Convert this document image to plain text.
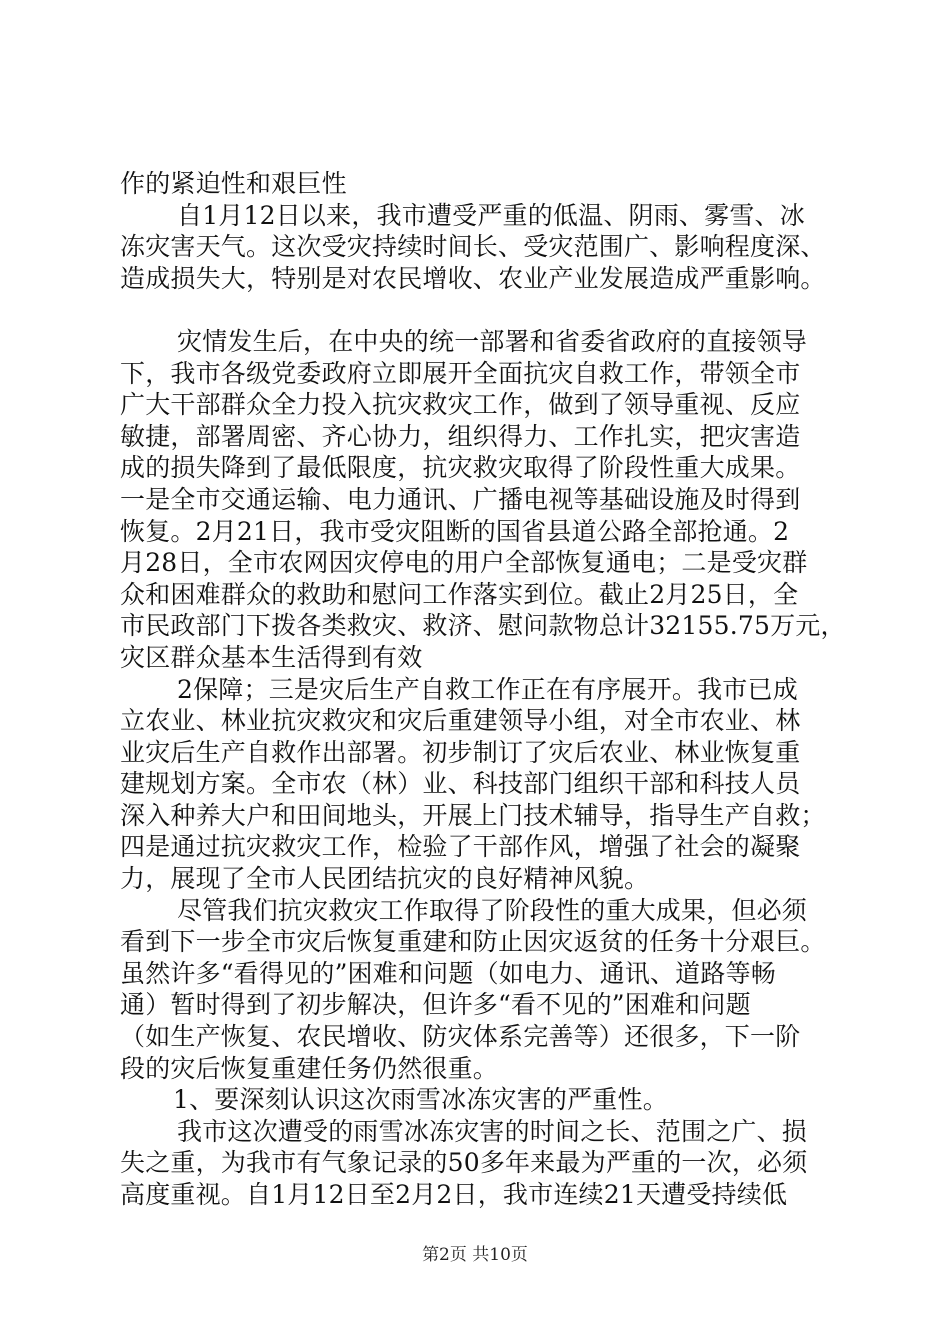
作的紧迫性和艰巨性
自1月12日以来，我市遭受严重的低温、阴雨、雾雪、冰
冻灾害天气。这次受灾持续时间长、受灾范围广、影响程度深、
造成损失大，特别是对农民增收、农业产业发展造成严重影响。
灾情发生后，在中央的统一部署和省委省政府的直接领导
下，我市各级党委政府立即展开全面抗灾自救工作，带领全市
广大干部群众全力投入抗灾救灾工作，做到了领导重视、反应
敏捷，部署周密、齐心协力，组织得力、工作扎实，把灾害造
成的损失降到了最低限度，抗灾救灾取得了阶段性重大成果。
一是全市交通运输、电力通讯、广播电视等基础设施及时得到
恢复。2月21日，我市受灾阻断的国省县道公路全部抢通。2
月28日，全市农网因灾停电的用户全部恢复通电；二是受灾群
众和困难群众的救助和慰问工作落实到位。截止2月25日，全
市民政部门下拨各类救灾、救济、慰问款物总计32155.75万元，
灾区群众基本生活得到有效
2保障；三是灾后生产自救工作正在有序展开。我市已成
立农业、林业抗灾救灾和灾后重建领导小组，对全市农业、林
业灾后生产自救作出部署。初步制订了灾后农业、林业恢复重
建规划方案。全市农（林）业、科技部门组织干部和科技人员
深入种养大户和田间地头，开展上门技术辅导，指导生产自救；
四是通过抗灾救灾工作，检验了干部作风，增强了社会的凝聚
力，展现了全市人民团结抗灾的良好精神风貌。
尽管我们抗灾救灾工作取得了阶段性的重大成果，但必须
看到下一步全市灾后恢复重建和防止因灾返贫的任务十分艰巨。
虽然许多“看得见的”困难和问题（如电力、通讯、道路等畅
通）暂时得到了初步解决，但许多“看不见的”困难和问题
（如生产恢复、农民增收、防灾体系完善等）还很多，下一阶
段的灾后恢复重建任务仍然很重。
1、要深刻认识这次雨雪冰冻灾害的严重性。
我市这次遭受的雨雪冰冻灾害的时间之长、范围之广、损
失之重，为我市有气象记录的50多年来最为严重的一次，必须
高度重视。自1月12日至2月2日，我市连续21天遭受持续低
第2页 共10页
